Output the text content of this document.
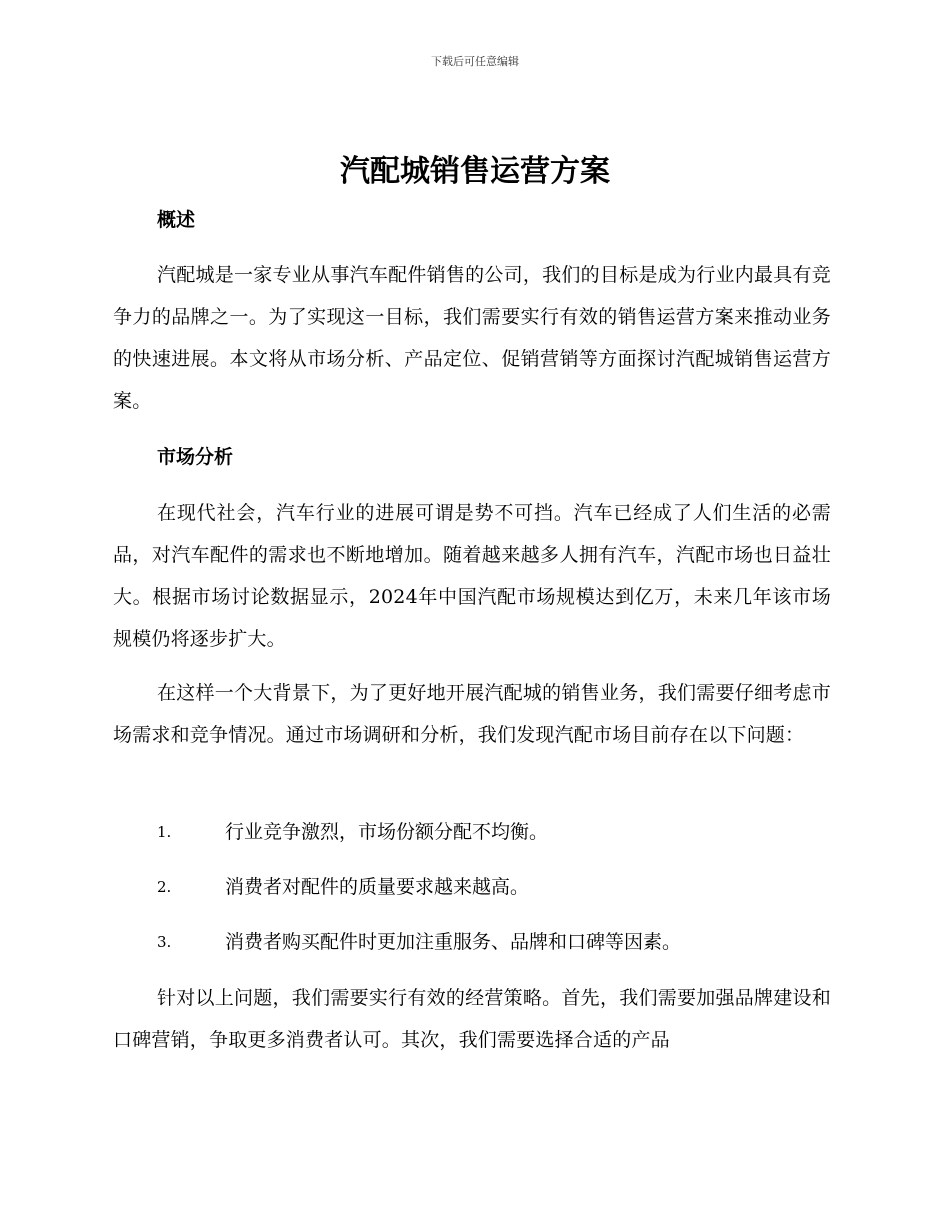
下载后可任意编辑
汽配城销售运营方案
概述

汽配城是一家专业从事汽车配件销售的公司，我们的目标是成为行业内最具有竞争力的品牌之一。为了实现这一目标，我们需要实行有效的销售运营方案来推动业务的快速进展。本文将从市场分析、产品定位、促销营销等方面探讨汽配城销售运营方案。

市场分析

在现代社会，汽车行业的进展可谓是势不可挡。汽车已经成了人们生活的必需品，对汽车配件的需求也不断地增加。随着越来越多人拥有汽车，汽配市场也日益壮大。根据市场讨论数据显示，2024年中国汽配市场规模达到亿万，未来几年该市场规模仍将逐步扩大。

在这样一个大背景下，为了更好地开展汽配城的销售业务，我们需要仔细考虑市场需求和竞争情况。通过市场调研和分析，我们发现汽配市场目前存在以下问题：

1.	行业竞争激烈，市场份额分配不均衡。
2.	消费者对配件的质量要求越来越高。
3.	消费者购买配件时更加注重服务、品牌和口碑等因素。

针对以上问题，我们需要实行有效的经营策略。首先，我们需要加强品牌建设和口碑营销，争取更多消费者认可。其次，我们需要选择合适的产品
